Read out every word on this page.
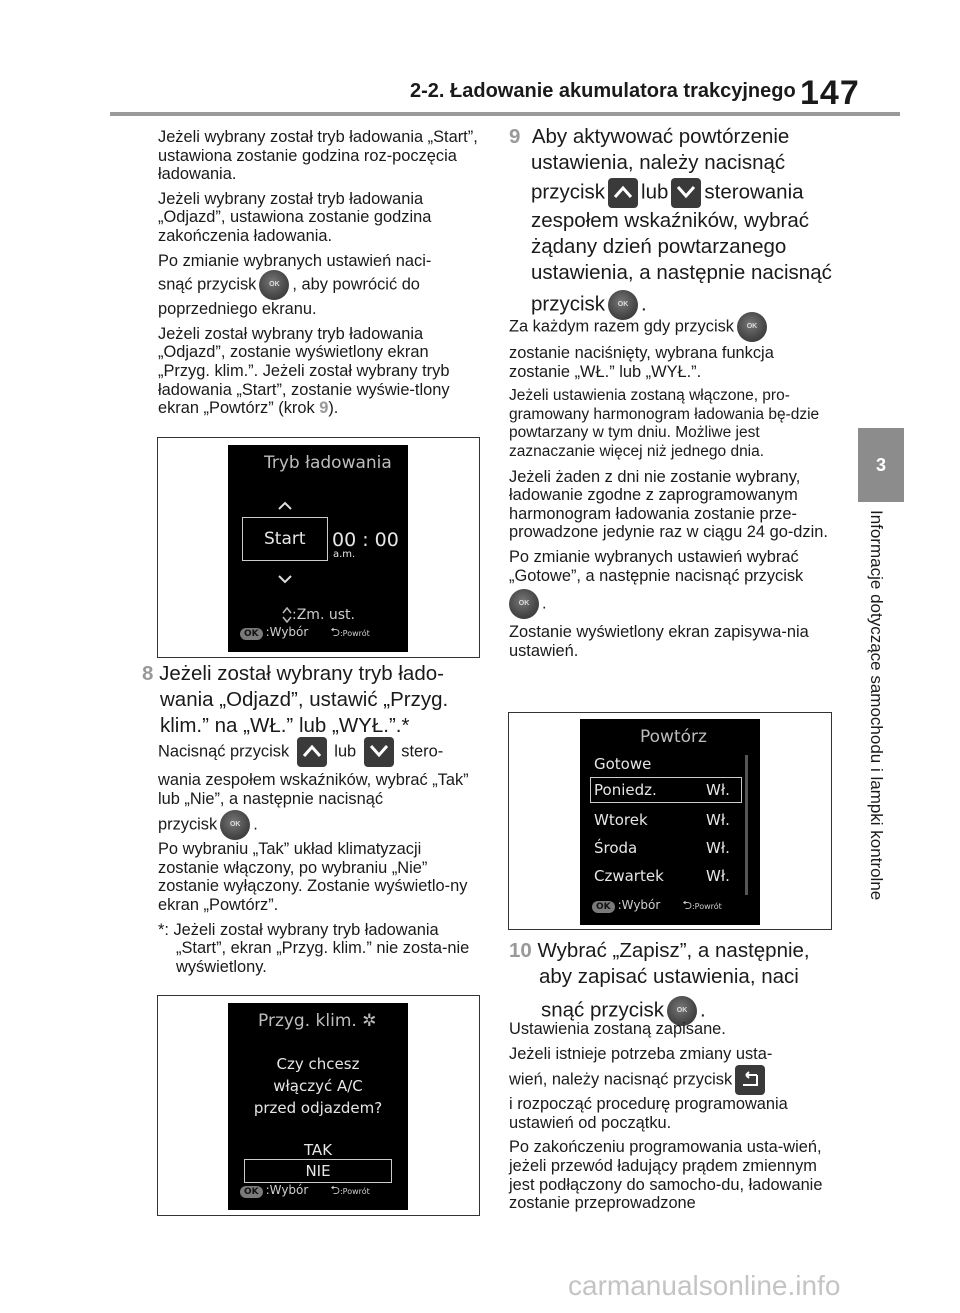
2-2. Ładowanie akumulatora trakcyjnego 147
3
Informacje dotyczące samochodu i lampki kontrolne

Jeżeli wybrany został tryb ładowania „Start”, ustawiona zostanie godzina roz-poczęcia ładowania.

Jeżeli wybrany został tryb ładowania „Odjazd”, ustawiona zostanie godzina zakończenia ładowania.

Po zmianie wybranych ustawień naci-

snąć przycisk OK , aby powrócić do

poprzedniego ekranu.

Jeżeli został wybrany tryb ładowania „Odjazd”, zostanie wyświetlony ekran „Przyg. klim.”. Jeżeli został wybrany tryb ładowania „Start”, zostanie wyświe-tlony ekran „Powtórz” (krok 9).

Tryb ładowania
Start 00 : 00
a.m.
:Zm. ust.
OK :Wybór ⮌:Powrót
8 Jeżeli został wybrany tryb łado-wania „Odjazd”, ustawić „Przyg. klim.” na „WŁ.” lub „WYŁ.”.*

Nacisnąć przycisk	lub	stero-

wania zespołem wskaźników, wybrać „Tak” lub „Nie”, a następnie nacisnąć

przycisk OK .

Po wybraniu „Tak” układ klimatyzacji zostanie włączony, po wybraniu „Nie” zostanie wyłączony. Zostanie wyświetlo-ny ekran „Powtórz”.

*: Jeżeli został wybrany tryb ładowania „Start”, ekran „Przyg. klim.” nie zosta-nie wyświetlony.

Przyg. klim. ✲
Czy chcesz
włączyć A/C
przed odjazdem?
TAK
NIE
OK :Wybór ⮌:Powrót
9 Aby aktywować powtórzenie ustawienia, należy nacisnąć
przycisk lub sterowania
zespołem wskaźników, wybrać żądany dzień powtarzanego ustawienia, a następnie nacisnąć
przycisk OK .

Za każdym razem gdy przycisk OK

zostanie naciśnięty, wybrana funkcja zostanie „WŁ.” lub „WYŁ.”.

Jeżeli ustawienia zostaną włączone, pro-gramowany harmonogram ładowania bę-dzie powtarzany w tym dniu. Możliwe jest zaznaczanie więcej niż jednego dnia.

Jeżeli żaden z dni nie zostanie wybrany, ładowanie zgodne z zaprogramowanym harmonogram ładowania zostanie prze-prowadzone jedynie raz w ciągu 24 go-dzin.

Po zmianie wybranych ustawień wybrać „Gotowe”, a następnie nacisnąć przycisk

OK .

Zostanie wyświetlony ekran zapisywa-nia ustawień.

Powtórz
Gotowe
Poniedz.	Wł.
Wtorek	Wł.
Środa	Wł.
Czwartek	Wł.
OK :Wybór ⮌:Powrót
10 Wybrać „Zapisz”, a następnie, aby zapisać ustawienia, naci
snąć przycisk OK .

Ustawienia zostaną zapisane.

Jeżeli istnieje potrzeba zmiany usta-

wień, należy nacisnąć przycisk

i rozpocząć procedurę programowania ustawień od początku.

Po zakończeniu programowania usta-wień, jeżeli przewód ładujący prądem zmiennym jest podłączony do samocho-du, ładowanie zostanie przeprowadzone

carmanualsonline.info
